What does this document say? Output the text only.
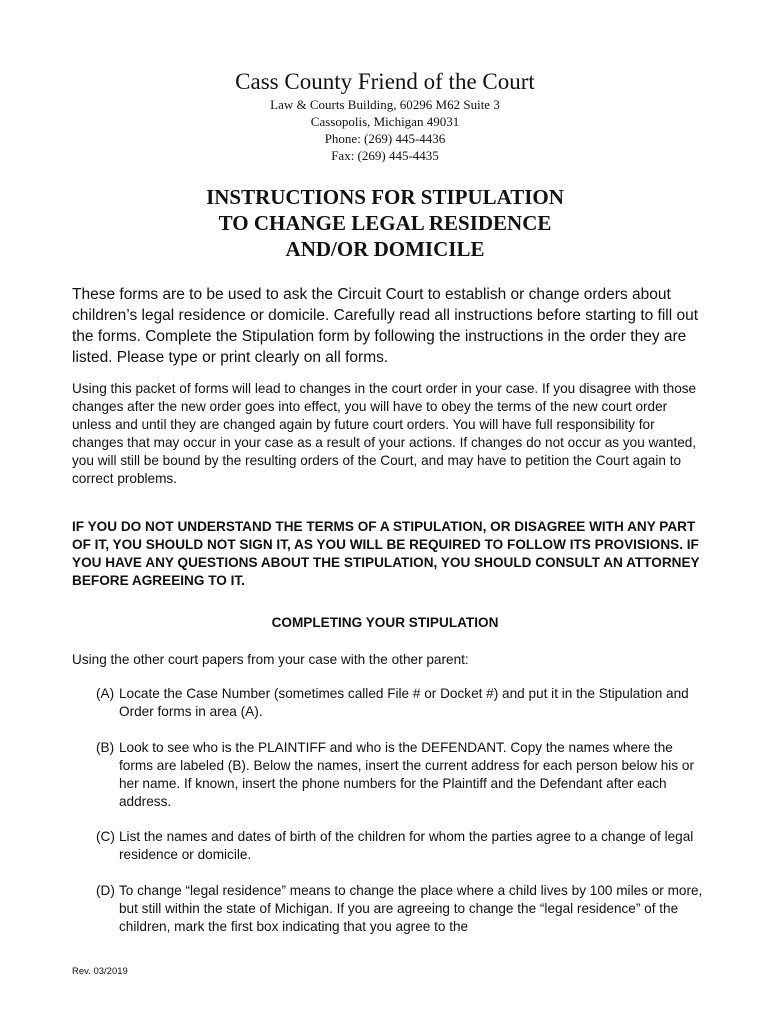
Cass County Friend of the Court
Law & Courts Building, 60296 M62 Suite 3
Cassopolis, Michigan 49031
Phone: (269) 445-4436
Fax: (269) 445-4435
INSTRUCTIONS FOR STIPULATION
TO CHANGE LEGAL RESIDENCE
AND/OR DOMICILE
These forms are to be used to ask the Circuit Court to establish or change orders about children’s legal residence or domicile. Carefully read all instructions before starting to fill out the forms. Complete the Stipulation form by following the instructions in the order they are listed. Please type or print clearly on all forms.
Using this packet of forms will lead to changes in the court order in your case. If you disagree with those changes after the new order goes into effect, you will have to obey the terms of the new court order unless and until they are changed again by future court orders. You will have full responsibility for changes that may occur in your case as a result of your actions. If changes do not occur as you wanted, you will still be bound by the resulting orders of the Court, and may have to petition the Court again to correct problems.
IF YOU DO NOT UNDERSTAND THE TERMS OF A STIPULATION, OR DISAGREE WITH ANY PART OF IT, YOU SHOULD NOT SIGN IT, AS YOU WILL BE REQUIRED TO FOLLOW ITS PROVISIONS. IF YOU HAVE ANY QUESTIONS ABOUT THE STIPULATION, YOU SHOULD CONSULT AN ATTORNEY BEFORE AGREEING TO IT.
COMPLETING YOUR STIPULATION
Using the other court papers from your case with the other parent:
(A) Locate the Case Number (sometimes called File # or Docket #) and put it in the Stipulation and Order forms in area (A).
(B) Look to see who is the PLAINTIFF and who is the DEFENDANT. Copy the names where the forms are labeled (B). Below the names, insert the current address for each person below his or her name. If known, insert the phone numbers for the Plaintiff and the Defendant after each address.
(C) List the names and dates of birth of the children for whom the parties agree to a change of legal residence or domicile.
(D) To change “legal residence” means to change the place where a child lives by 100 miles or more, but still within the state of Michigan. If you are agreeing to change the “legal residence” of the children, mark the first box indicating that you agree to the
Rev. 03/2019
